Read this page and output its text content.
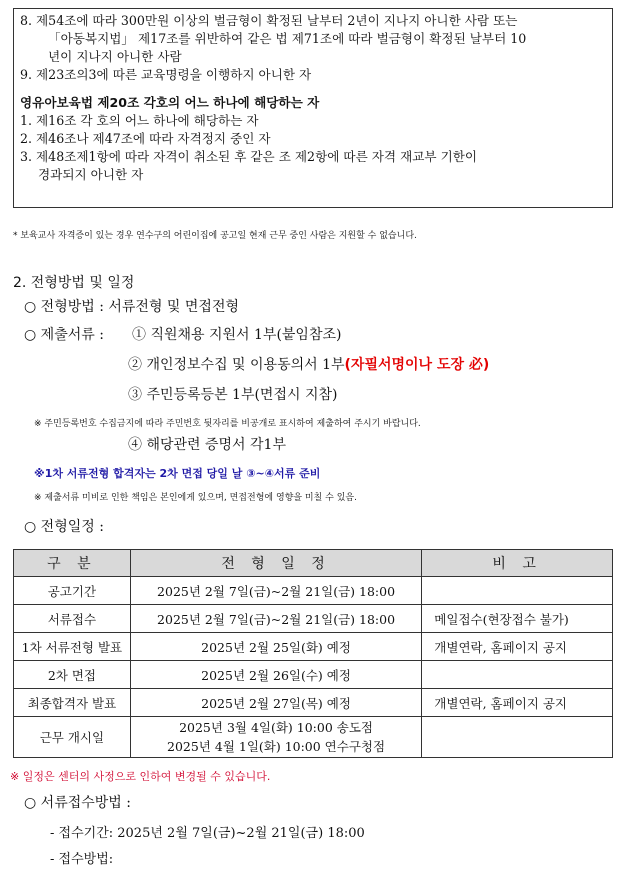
8. 제54조에 따라 300만원 이상의 벌금형이 확정된 날부터 2년이 지나지 아니한 사람 또는
「아동복지법」 제17조를 위반하여 같은 법 제71조에 따라 벌금형이 확정된 날부터 10
년이 지나지 아니한 사람
9. 제23조의3에 따른 교육명령을 이행하지 아니한 자
영유아보육법 제20조 각호의 어느 하나에 해당하는 자
1. 제16조 각 호의 어느 하나에 해당하는 자
2. 제46조나 제47조에 따라 자격정지 중인 자
3. 제48조제1항에 따라 자격이 취소된 후 같은 조 제2항에 따른 자격 재교부 기한이
경과되지 아니한 자
* 보육교사 자격증이 있는 경우 연수구의 어린이집에 공고일 현재 근무 중인 사람은 지원할 수 없습니다.
2. 전형방법 및 일정
○ 전형방법 : 서류전형 및 면접전형
○ 제출서류 : ① 직원채용 지원서 1부(붙임참조)
② 개인정보수집 및 이용동의서 1부(자필서명이나 도장 必)
③ 주민등록등본 1부(면접시 지참)
※ 주민등록번호 수집금지에 따라 주민번호 뒷자리를 비공개로 표시하여 제출하여 주시기 바랍니다.
④ 해당관련 증명서 각1부
※1차 서류전형 합격자는 2차 면접 당일 날 ③~④서류 준비
※ 제출서류 미비로 인한 책임은 본인에게 있으며, 면접전형에 영향을 미칠 수 있음.
○ 전형일정 :
구 분	전 형 일 정	비 고
공고기간	2025년 2월 7일(금)~2월 21일(금) 18:00	
서류접수	2025년 2월 7일(금)~2월 21일(금) 18:00	메일접수(현장접수 불가)
1차 서류전형 발표	2025년 2월 25일(화) 예정	개별연락, 홈페이지 공지
2차 면접	2025년 2월 26일(수) 예정	
최종합격자 발표	2025년 2월 27일(목) 예정	개별연락, 홈페이지 공지
근무 개시일	2025년 3월 4일(화) 10:00 송도점
2025년 4월 1일(화) 10:00 연수구청점	

※ 일정은 센터의 사정으로 인하여 변경될 수 있습니다.
○ 서류접수방법 :
- 접수기간: 2025년 2월 7일(금)~2월 21일(금) 18:00
- 접수방법:
